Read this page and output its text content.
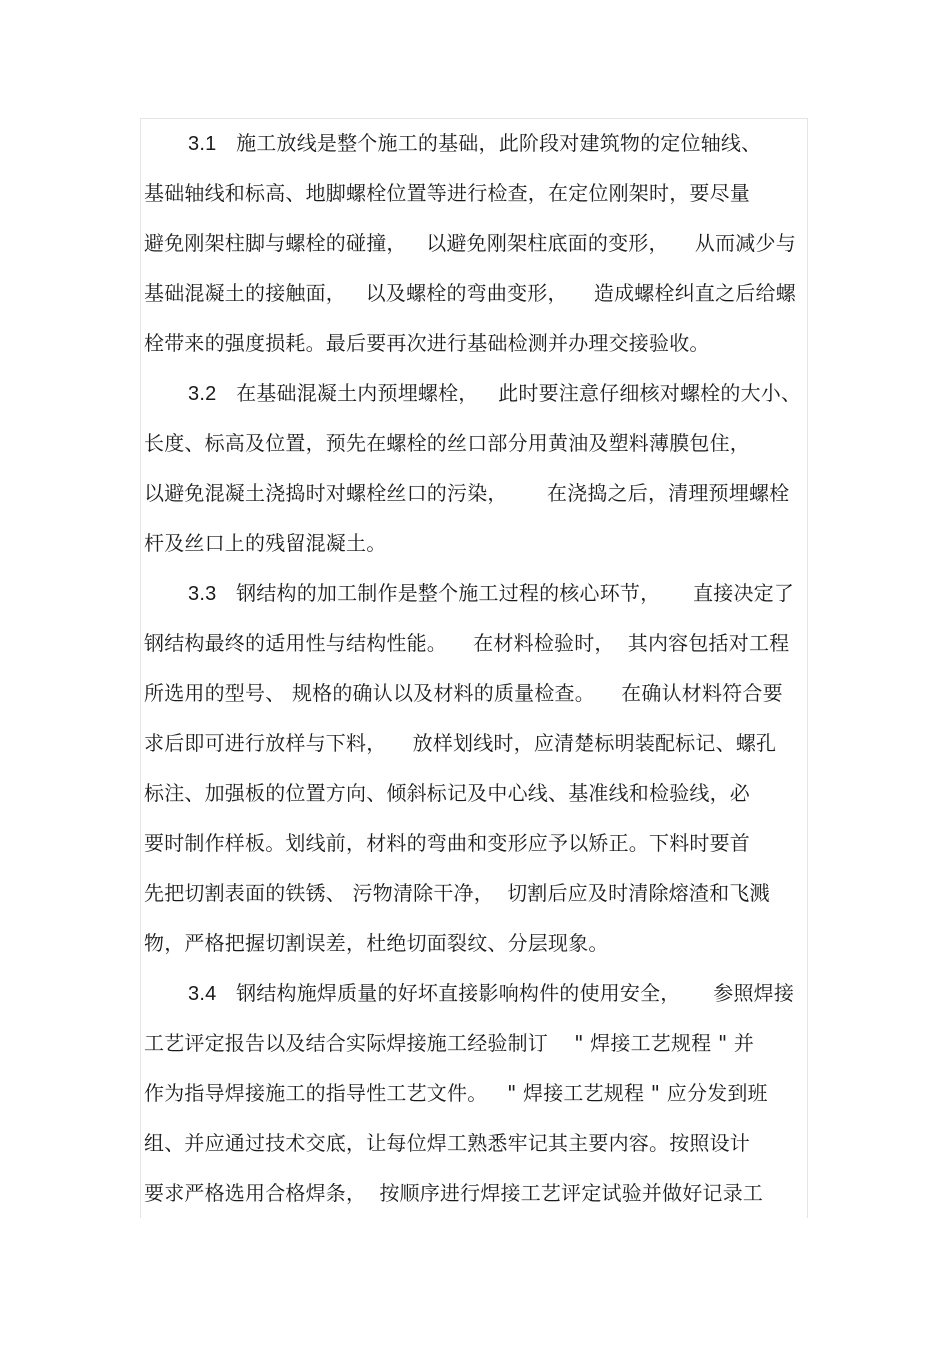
3.1 施工放线是整个施工的基础，此阶段对建筑物的定位轴线、
基础轴线和标高、地脚螺栓位置等进行检查，在定位刚架时，要尽量
避免刚架柱脚与螺栓的碰撞，   以避免刚架柱底面的变形，    从而减少与
基础混凝土的接触面，   以及螺栓的弯曲变形，    造成螺栓纠直之后给螺
栓带来的强度损耗。最后要再次进行基础检测并办理交接验收。
3.2 在基础混凝土内预埋螺栓，   此时要注意仔细核对螺栓的大小、
长度、标高及位置，预先在螺栓的丝口部分用黄油及塑料薄膜包住，
以避免混凝土浇捣时对螺栓丝口的污染，      在浇捣之后，清理预埋螺栓
杆及丝口上的残留混凝土。
3.3 钢结构的加工制作是整个施工过程的核心环节，     直接决定了
钢结构最终的适用性与结构性能。    在材料检验时，  其内容包括对工程
所选用的型号、 规格的确认以及材料的质量检查。    在确认材料符合要
求后即可进行放样与下料，    放样划线时，应清楚标明装配标记、螺孔
标注、加强板的位置方向、倾斜标记及中心线、基准线和检验线，必
要时制作样板。划线前，材料的弯曲和变形应予以矫正。下料时要首
先把切割表面的铁锈、 污物清除干净，  切割后应及时清除熔渣和飞溅
物，严格把握切割误差，杜绝切面裂纹、分层现象。
3.4 钢结构施焊质量的好坏直接影响构件的使用安全，     参照焊接
工艺评定报告以及结合实际焊接施工经验制订    " 焊接工艺规程 " 并
作为指导焊接施工的指导性工艺文件。   " 焊接工艺规程 " 应分发到班
组、并应通过技术交底，让每位焊工熟悉牢记其主要内容。按照设计
要求严格选用合格焊条，  按顺序进行焊接工艺评定试验并做好记录工
